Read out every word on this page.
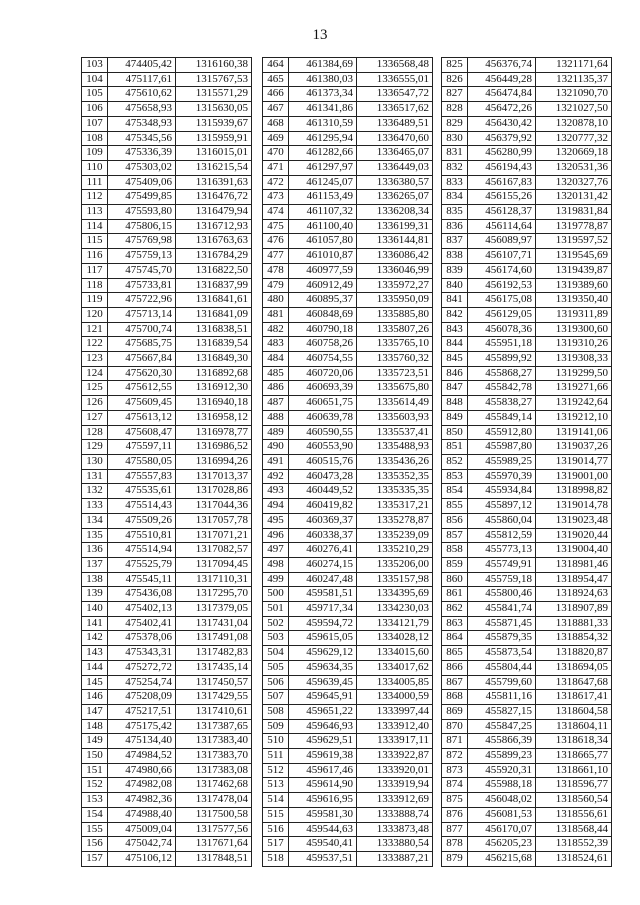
13
103	474405,42	1316160,38
104	475117,61	1315767,53
105	475610,62	1315571,29
106	475658,93	1315630,05
107	475348,93	1315939,67
108	475345,56	1315959,91
109	475336,39	1316015,01
110	475303,02	1316215,54
111	475409,06	1316391,63
112	475499,85	1316476,72
113	475593,80	1316479,94
114	475806,15	1316712,93
115	475769,98	1316763,63
116	475759,13	1316784,29
117	475745,70	1316822,50
118	475733,81	1316837,99
119	475722,96	1316841,61
120	475713,14	1316841,09
121	475700,74	1316838,51
122	475685,75	1316839,54
123	475667,84	1316849,30
124	475620,30	1316892,68
125	475612,55	1316912,30
126	475609,45	1316940,18
127	475613,12	1316958,12
128	475608,47	1316978,77
129	475597,11	1316986,52
130	475580,05	1316994,26
131	475557,83	1317013,37
132	475535,61	1317028,86
133	475514,43	1317044,36
134	475509,26	1317057,78
135	475510,81	1317071,21
136	475514,94	1317082,57
137	475525,79	1317094,45
138	475545,11	1317110,31
139	475436,08	1317295,70
140	475402,13	1317379,05
141	475402,41	1317431,04
142	475378,06	1317491,08
143	475343,31	1317482,83
144	475272,72	1317435,14
145	475254,74	1317450,57
146	475208,09	1317429,55
147	475217,51	1317410,61
148	475175,42	1317387,65
149	475134,40	1317383,40
150	474984,52	1317383,70
151	474980,66	1317383,08
152	474982,08	1317462,68
153	474982,36	1317478,04
154	474988,40	1317500,58
155	475009,04	1317577,56
156	475042,74	1317671,64
157	475106,12	1317848,51
464	461384,69	1336568,48
465	461380,03	1336555,01
466	461373,34	1336547,72
467	461341,86	1336517,62
468	461310,59	1336489,51
469	461295,94	1336470,60
470	461282,66	1336465,07
471	461297,97	1336449,03
472	461245,07	1336380,57
473	461153,49	1336265,07
474	461107,32	1336208,34
475	461100,40	1336199,31
476	461057,80	1336144,81
477	461010,87	1336086,42
478	460977,59	1336046,99
479	460912,49	1335972,27
480	460895,37	1335950,09
481	460848,69	1335885,80
482	460790,18	1335807,26
483	460758,26	1335765,10
484	460754,55	1335760,32
485	460720,06	1335723,51
486	460693,39	1335675,80
487	460651,75	1335614,49
488	460639,78	1335603,93
489	460590,55	1335537,41
490	460553,90	1335488,93
491	460515,76	1335436,26
492	460473,28	1335352,35
493	460449,52	1335335,35
494	460419,82	1335317,21
495	460369,37	1335278,87
496	460338,37	1335239,09
497	460276,41	1335210,29
498	460274,15	1335206,00
499	460247,48	1335157,98
500	459581,51	1334395,69
501	459717,34	1334230,03
502	459594,72	1334121,79
503	459615,05	1334028,12
504	459629,12	1334015,60
505	459634,35	1334017,62
506	459639,45	1334005,85
507	459645,91	1334000,59
508	459651,22	1333997,44
509	459646,93	1333912,40
510	459629,51	1333917,11
511	459619,38	1333922,87
512	459617,46	1333920,01
513	459614,90	1333919,94
514	459616,95	1333912,69
515	459581,30	1333888,74
516	459544,63	1333873,48
517	459540,41	1333880,54
518	459537,51	1333887,21
825	456376,74	1321171,64
826	456449,28	1321135,37
827	456474,84	1321090,70
828	456472,26	1321027,50
829	456430,42	1320878,10
830	456379,92	1320777,32
831	456280,99	1320669,18
832	456194,43	1320531,36
833	456167,83	1320327,76
834	456155,26	1320131,42
835	456128,37	1319831,84
836	456114,64	1319778,87
837	456089,97	1319597,52
838	456107,71	1319545,69
839	456174,60	1319439,87
840	456192,53	1319389,60
841	456175,08	1319350,40
842	456129,05	1319311,89
843	456078,36	1319300,60
844	455951,18	1319310,26
845	455899,92	1319308,33
846	455868,27	1319299,50
847	455842,78	1319271,66
848	455838,27	1319242,64
849	455849,14	1319212,10
850	455912,80	1319141,06
851	455987,80	1319037,26
852	455989,25	1319014,77
853	455970,39	1319001,00
854	455934,84	1318998,82
855	455897,12	1319014,78
856	455860,04	1319023,48
857	455812,59	1319020,44
858	455773,13	1319004,40
859	455749,91	1318981,46
860	455759,18	1318954,47
861	455800,46	1318924,63
862	455841,74	1318907,89
863	455871,45	1318881,33
864	455879,35	1318854,32
865	455873,54	1318820,87
866	455804,44	1318694,05
867	455799,60	1318647,68
868	455811,16	1318617,41
869	455827,15	1318604,58
870	455847,25	1318604,11
871	455866,39	1318618,34
872	455899,23	1318665,77
873	455920,31	1318661,10
874	455988,18	1318596,77
875	456048,02	1318560,54
876	456081,53	1318556,61
877	456170,07	1318568,44
878	456205,23	1318552,39
879	456215,68	1318524,61
